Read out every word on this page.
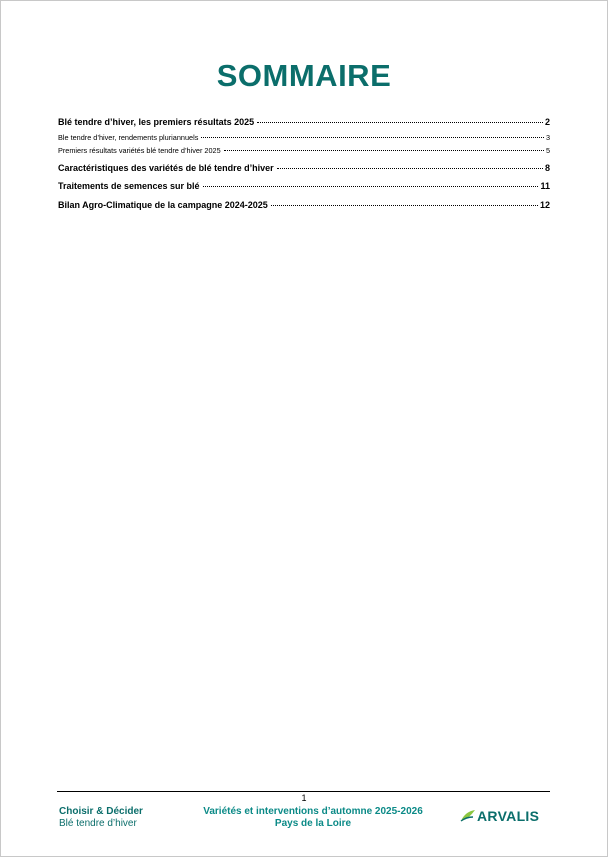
SOMMAIRE
Blé tendre d’hiver, les premiers résultats 2025	2
Ble tendre d’hiver, rendements pluriannuels	3
Premiers résultats variétés blé tendre d’hiver 2025	5
Caractéristiques des variétés de blé tendre d’hiver	8
Traitements de semences sur blé	11
Bilan Agro-Climatique de la campagne 2024-2025	12
1
Choisir & Décider
Blé tendre d’hiver
Variétés et interventions d’automne 2025-2026
Pays de la Loire	ARVALIS
